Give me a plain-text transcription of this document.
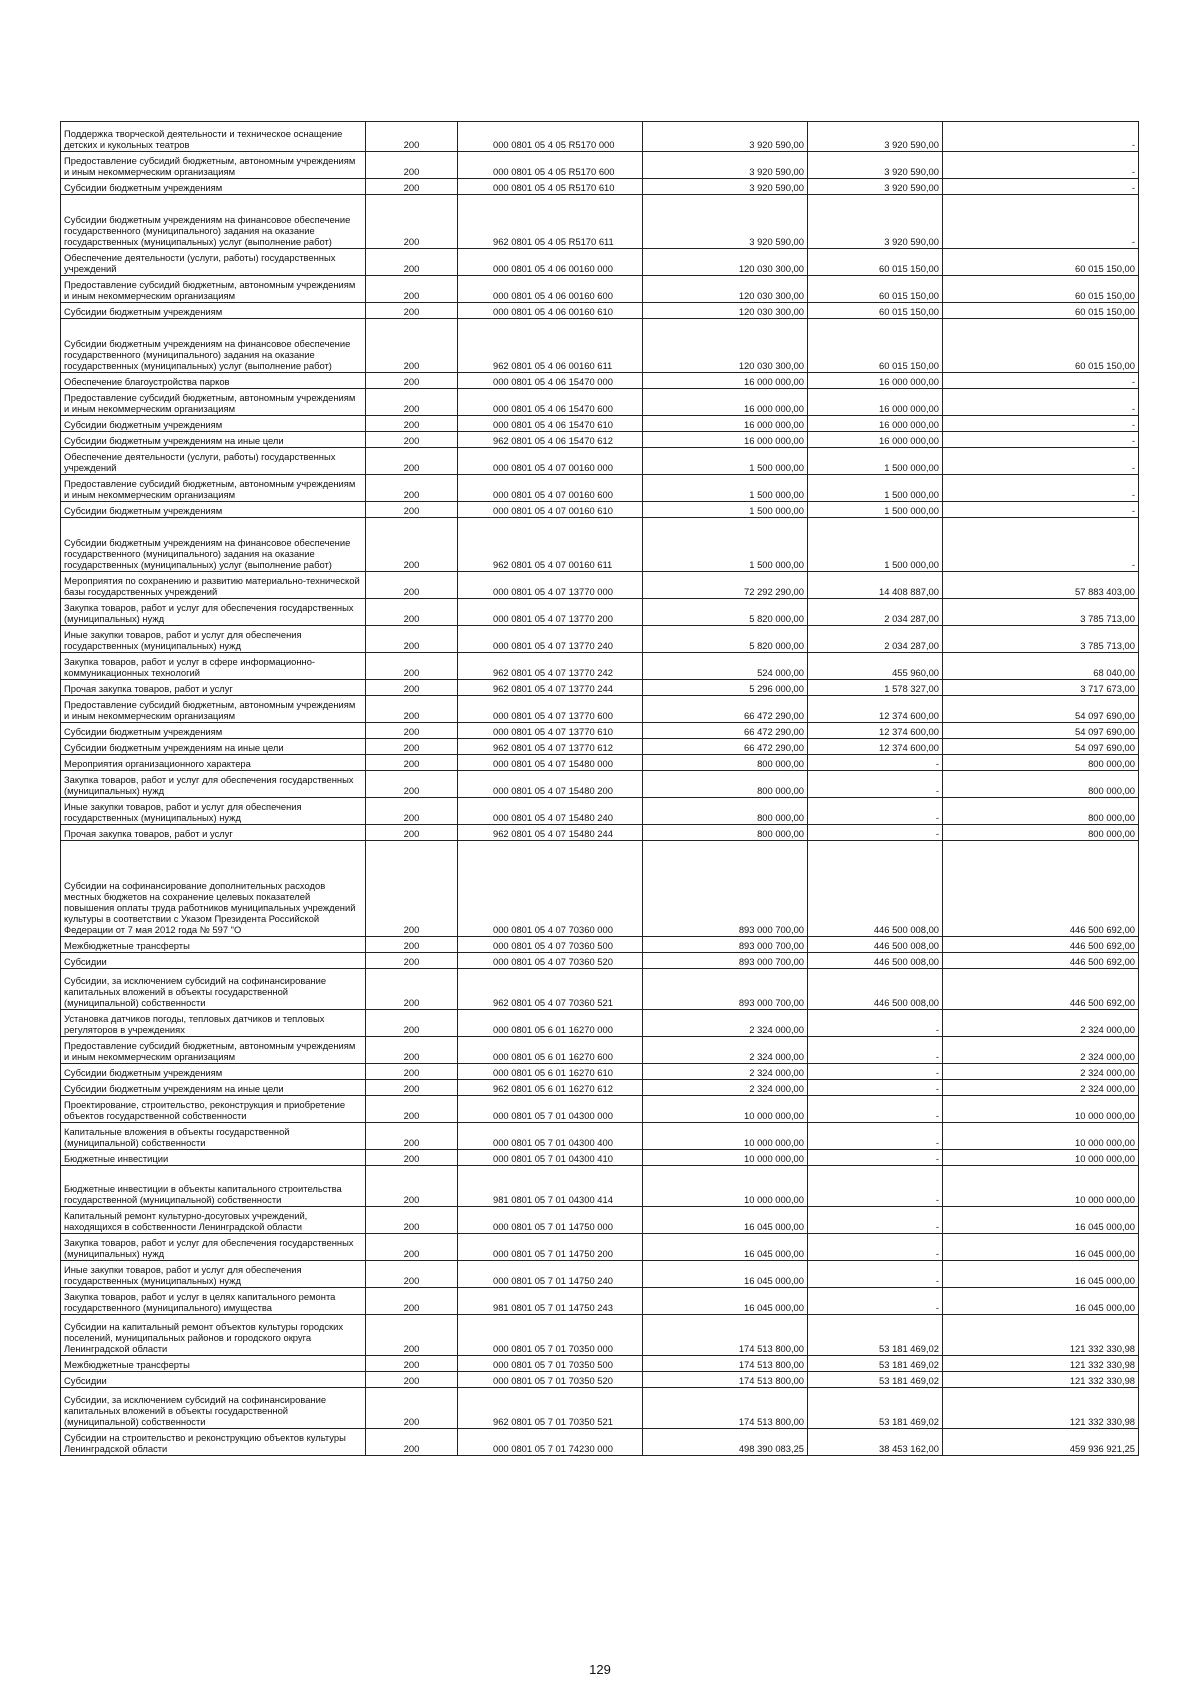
Поддержка творческой деятельности и техническое оснащение детских и кукольных театров	200	000 0801 05 4 05 R5170 000	3 920 590,00	3 920 590,00	-
Предоставление субсидий бюджетным, автономным учреждениям и иным некоммерческим организациям	200	000 0801 05 4 05 R5170 600	3 920 590,00	3 920 590,00	-
Субсидии бюджетным учреждениям	200	000 0801 05 4 05 R5170 610	3 920 590,00	3 920 590,00	-
Субсидии бюджетным учреждениям на финансовое обеспечение государственного (муниципального) задания на оказание государственных (муниципальных) услуг (выполнение работ)	200	962 0801 05 4 05 R5170 611	3 920 590,00	3 920 590,00	-
Обеспечение деятельности (услуги, работы) государственных учреждений	200	000 0801 05 4 06 00160 000	120 030 300,00	60 015 150,00	60 015 150,00
Предоставление субсидий бюджетным, автономным учреждениям и иным некоммерческим организациям	200	000 0801 05 4 06 00160 600	120 030 300,00	60 015 150,00	60 015 150,00
Субсидии бюджетным учреждениям	200	000 0801 05 4 06 00160 610	120 030 300,00	60 015 150,00	60 015 150,00
Субсидии бюджетным учреждениям на финансовое обеспечение государственного (муниципального) задания на оказание государственных (муниципальных) услуг (выполнение работ)	200	962 0801 05 4 06 00160 611	120 030 300,00	60 015 150,00	60 015 150,00
Обеспечение благоустройства парков	200	000 0801 05 4 06 15470 000	16 000 000,00	16 000 000,00	-
Предоставление субсидий бюджетным, автономным учреждениям и иным некоммерческим организациям	200	000 0801 05 4 06 15470 600	16 000 000,00	16 000 000,00	-
Субсидии бюджетным учреждениям	200	000 0801 05 4 06 15470 610	16 000 000,00	16 000 000,00	-
Субсидии бюджетным учреждениям на иные цели	200	962 0801 05 4 06 15470 612	16 000 000,00	16 000 000,00	-
Обеспечение деятельности (услуги, работы) государственных учреждений	200	000 0801 05 4 07 00160 000	1 500 000,00	1 500 000,00	-
Предоставление субсидий бюджетным, автономным учреждениям и иным некоммерческим организациям	200	000 0801 05 4 07 00160 600	1 500 000,00	1 500 000,00	-
Субсидии бюджетным учреждениям	200	000 0801 05 4 07 00160 610	1 500 000,00	1 500 000,00	-
Субсидии бюджетным учреждениям на финансовое обеспечение государственного (муниципального) задания на оказание государственных (муниципальных) услуг (выполнение работ)	200	962 0801 05 4 07 00160 611	1 500 000,00	1 500 000,00	-
Мероприятия по сохранению и развитию материально-технической базы государственных учреждений	200	000 0801 05 4 07 13770 000	72 292 290,00	14 408 887,00	57 883 403,00
Закупка товаров, работ и услуг для обеспечения государственных (муниципальных) нужд	200	000 0801 05 4 07 13770 200	5 820 000,00	2 034 287,00	3 785 713,00
Иные закупки товаров, работ и услуг для обеспечения государственных (муниципальных) нужд	200	000 0801 05 4 07 13770 240	5 820 000,00	2 034 287,00	3 785 713,00
Закупка товаров, работ и услуг в сфере информационно-коммуникационных технологий	200	962 0801 05 4 07 13770 242	524 000,00	455 960,00	68 040,00
Прочая закупка товаров, работ и услуг	200	962 0801 05 4 07 13770 244	5 296 000,00	1 578 327,00	3 717 673,00
Предоставление субсидий бюджетным, автономным учреждениям и иным некоммерческим организациям	200	000 0801 05 4 07 13770 600	66 472 290,00	12 374 600,00	54 097 690,00
Субсидии бюджетным учреждениям	200	000 0801 05 4 07 13770 610	66 472 290,00	12 374 600,00	54 097 690,00
Субсидии бюджетным учреждениям на иные цели	200	962 0801 05 4 07 13770 612	66 472 290,00	12 374 600,00	54 097 690,00
Мероприятия организационного характера	200	000 0801 05 4 07 15480 000	800 000,00	-	800 000,00
Закупка товаров, работ и услуг для обеспечения государственных (муниципальных) нужд	200	000 0801 05 4 07 15480 200	800 000,00	-	800 000,00
Иные закупки товаров, работ и услуг для обеспечения государственных (муниципальных) нужд	200	000 0801 05 4 07 15480 240	800 000,00	-	800 000,00
Прочая закупка товаров, работ и услуг	200	962 0801 05 4 07 15480 244	800 000,00	-	800 000,00
Субсидии на софинансирование дополнительных расходов местных бюджетов на сохранение целевых показателей повышения оплаты труда работников муниципальных учреждений культуры в соответствии с Указом Президента Российской Федерации от 7 мая 2012 года № 597 "О	200	000 0801 05 4 07 70360 000	893 000 700,00	446 500 008,00	446 500 692,00
Межбюджетные трансферты	200	000 0801 05 4 07 70360 500	893 000 700,00	446 500 008,00	446 500 692,00
Субсидии	200	000 0801 05 4 07 70360 520	893 000 700,00	446 500 008,00	446 500 692,00
Субсидии, за исключением субсидий на софинансирование капитальных вложений в объекты государственной (муниципальной) собственности	200	962 0801 05 4 07 70360 521	893 000 700,00	446 500 008,00	446 500 692,00
Установка датчиков погоды, тепловых датчиков и тепловых регуляторов в учреждениях	200	000 0801 05 6 01 16270 000	2 324 000,00	-	2 324 000,00
Предоставление субсидий бюджетным, автономным учреждениям и иным некоммерческим организациям	200	000 0801 05 6 01 16270 600	2 324 000,00	-	2 324 000,00
Субсидии бюджетным учреждениям	200	000 0801 05 6 01 16270 610	2 324 000,00	-	2 324 000,00
Субсидии бюджетным учреждениям на иные цели	200	962 0801 05 6 01 16270 612	2 324 000,00	-	2 324 000,00
Проектирование, строительство, реконструкция и приобретение объектов государственной собственности	200	000 0801 05 7 01 04300 000	10 000 000,00	-	10 000 000,00
Капитальные вложения в объекты государственной (муниципальной) собственности	200	000 0801 05 7 01 04300 400	10 000 000,00	-	10 000 000,00
Бюджетные инвестиции	200	000 0801 05 7 01 04300 410	10 000 000,00	-	10 000 000,00
Бюджетные инвестиции в объекты капитального строительства государственной (муниципальной) собственности	200	981 0801 05 7 01 04300 414	10 000 000,00	-	10 000 000,00
Капитальный ремонт культурно-досуговых учреждений, находящихся в собственности Ленинградской области	200	000 0801 05 7 01 14750 000	16 045 000,00	-	16 045 000,00
Закупка товаров, работ и услуг для обеспечения государственных (муниципальных) нужд	200	000 0801 05 7 01 14750 200	16 045 000,00	-	16 045 000,00
Иные закупки товаров, работ и услуг для обеспечения государственных (муниципальных) нужд	200	000 0801 05 7 01 14750 240	16 045 000,00	-	16 045 000,00
Закупка товаров, работ и услуг в целях капитального ремонта государственного (муниципального) имущества	200	981 0801 05 7 01 14750 243	16 045 000,00	-	16 045 000,00
Субсидии на капитальный ремонт объектов культуры городских поселений, муниципальных районов и городского округа Ленинградской области	200	000 0801 05 7 01 70350 000	174 513 800,00	53 181 469,02	121 332 330,98
Межбюджетные трансферты	200	000 0801 05 7 01 70350 500	174 513 800,00	53 181 469,02	121 332 330,98
Субсидии	200	000 0801 05 7 01 70350 520	174 513 800,00	53 181 469,02	121 332 330,98
Субсидии, за исключением субсидий на софинансирование капитальных вложений в объекты государственной (муниципальной) собственности	200	962 0801 05 7 01 70350 521	174 513 800,00	53 181 469,02	121 332 330,98
Субсидии на строительство и реконструкцию объектов культуры Ленинградской области	200	000 0801 05 7 01 74230 000	498 390 083,25	38 453 162,00	459 936 921,25
129
